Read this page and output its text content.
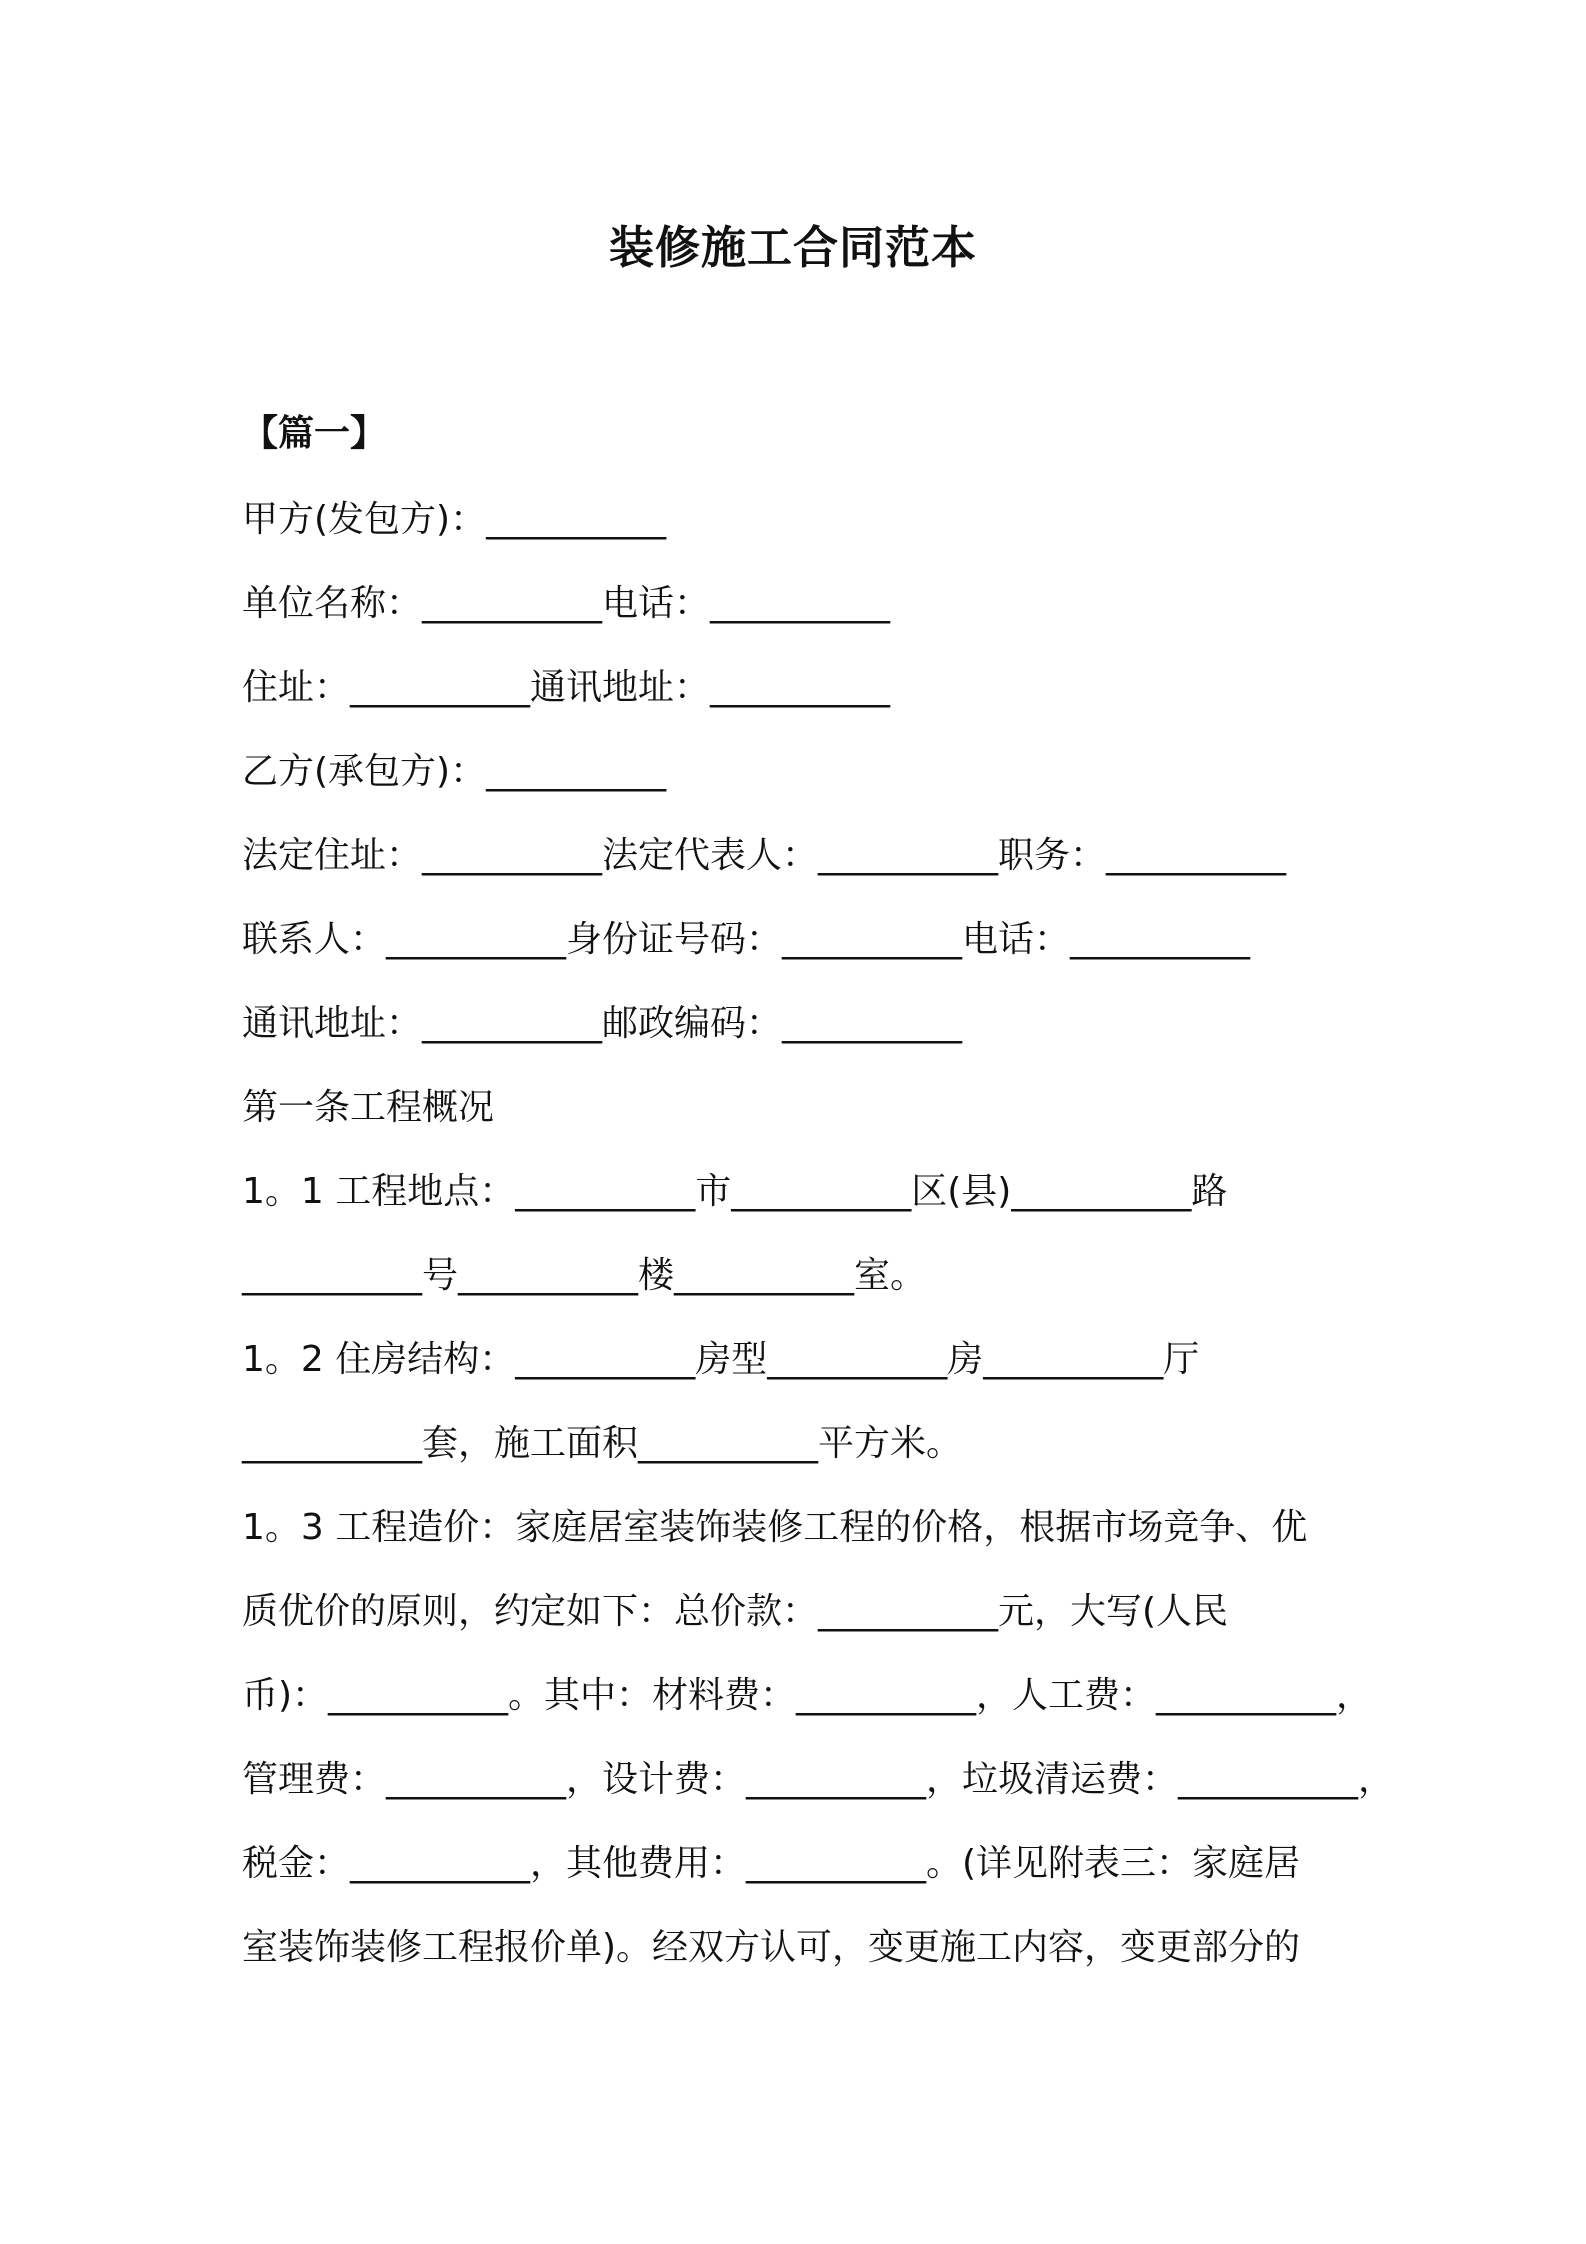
装修施工合同范本
【篇一】
甲方(发包方)：__________
单位名称：__________电话：__________
住址：__________通讯地址：__________
乙方(承包方)：__________
法定住址：__________法定代表人：__________职务：__________
联系人：__________身份证号码：__________电话：__________
通讯地址：__________邮政编码：__________
第一条工程概况
1。1 工程地点：__________市__________区(县)__________路
__________号__________楼__________室。
1。2 住房结构：__________房型__________房__________厅
__________套，施工面积__________平方米。
1。3 工程造价：家庭居室装饰装修工程的价格，根据市场竞争、优
质优价的原则，约定如下：总价款：__________元，大写(人民
币)：__________。其中：材料费：__________，人工费：__________，
管理费：__________，设计费：__________，垃圾清运费：__________，
税金：__________，其他费用：__________。(详见附表三：家庭居
室装饰装修工程报价单)。经双方认可，变更施工内容，变更部分的
